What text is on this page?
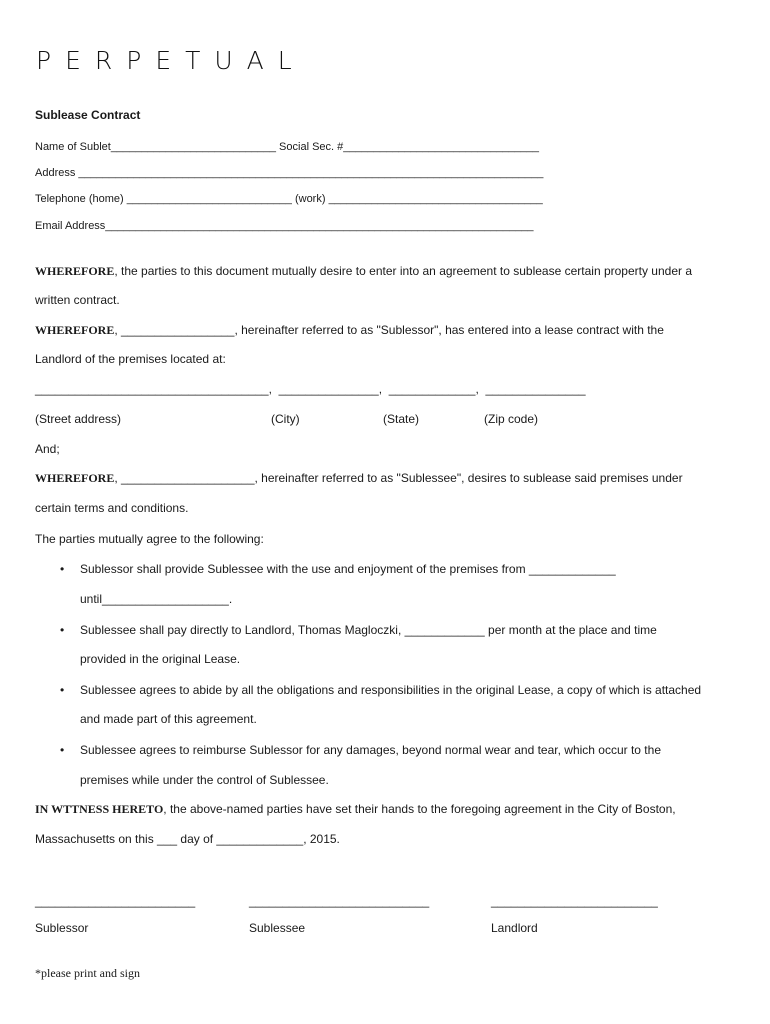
PERPETUAL
Sublease Contract
Name of Sublet___________________________ Social Sec. #________________________________
Address ____________________________________________________________________________
Telephone (home) ___________________________ (work) ___________________________________
Email Address______________________________________________________________________
WHEREFORE, the parties to this document mutually desire to enter into an agreement to sublease certain property under a
written contract.
WHEREFORE, _________________, hereinafter referred to as "Sublessor", has entered into a lease contract with the
Landlord of the premises located at:
___________________________________,  _______________,  _____________,  _______________
(Street address)	(City)	(State)	(Zip code)
And;
WHEREFORE, ____________________, hereinafter referred to as "Sublessee", desires to sublease said premises under
certain terms and conditions.
The parties mutually agree to the following:
• Sublessor shall provide Sublessee with the use and enjoyment of the premises from _____________
until___________________.
• Sublessee shall pay directly to Landlord, Thomas Magloczki, ____________ per month at the place and time
provided in the original Lease.
• Sublessee agrees to abide by all the obligations and responsibilities in the original Lease, a copy of which is attached
and made part of this agreement.
• Sublessee agrees to reimburse Sublessor for any damages, beyond normal wear and tear, which occur to the
premises while under the control of Sublessee.
IN WTTNESS HERETO, the above-named parties have set their hands to the foregoing agreement in the City of Boston,
Massachusetts on this ___ day of _____________, 2015.
________________________	___________________________	_________________________
Sublessor	Sublessee	Landlord
*please print and sign
